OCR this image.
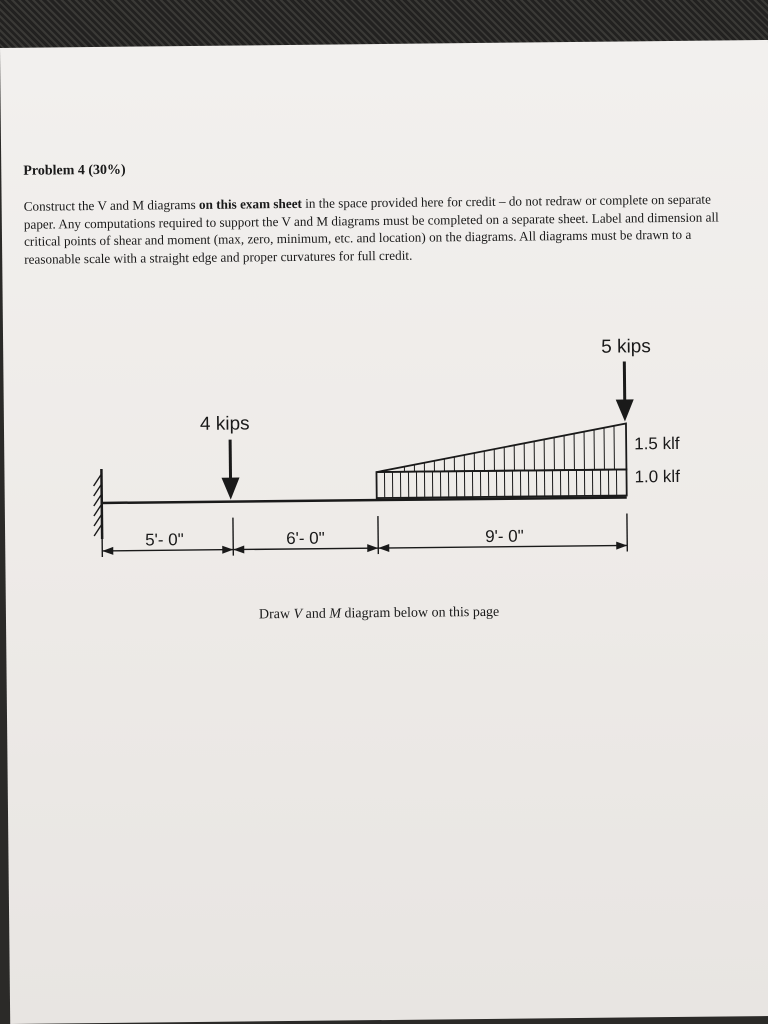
Problem 4 (30%)
Construct the V and M diagrams on this exam sheet in the space provided here for credit – do not redraw or complete on separate paper. Any computations required to support the V and M diagrams must be completed on a separate sheet. Label and dimension all critical points of shear and moment (max, zero, minimum, etc. and location) on the diagrams. All diagrams must be drawn to a reasonable scale with a straight edge and proper curvatures for full credit.
4 kips
5 kips
1.5 klf
1.0 klf
5'- 0"	6'- 0"	9'- 0"
Draw V and M diagram below on this page
